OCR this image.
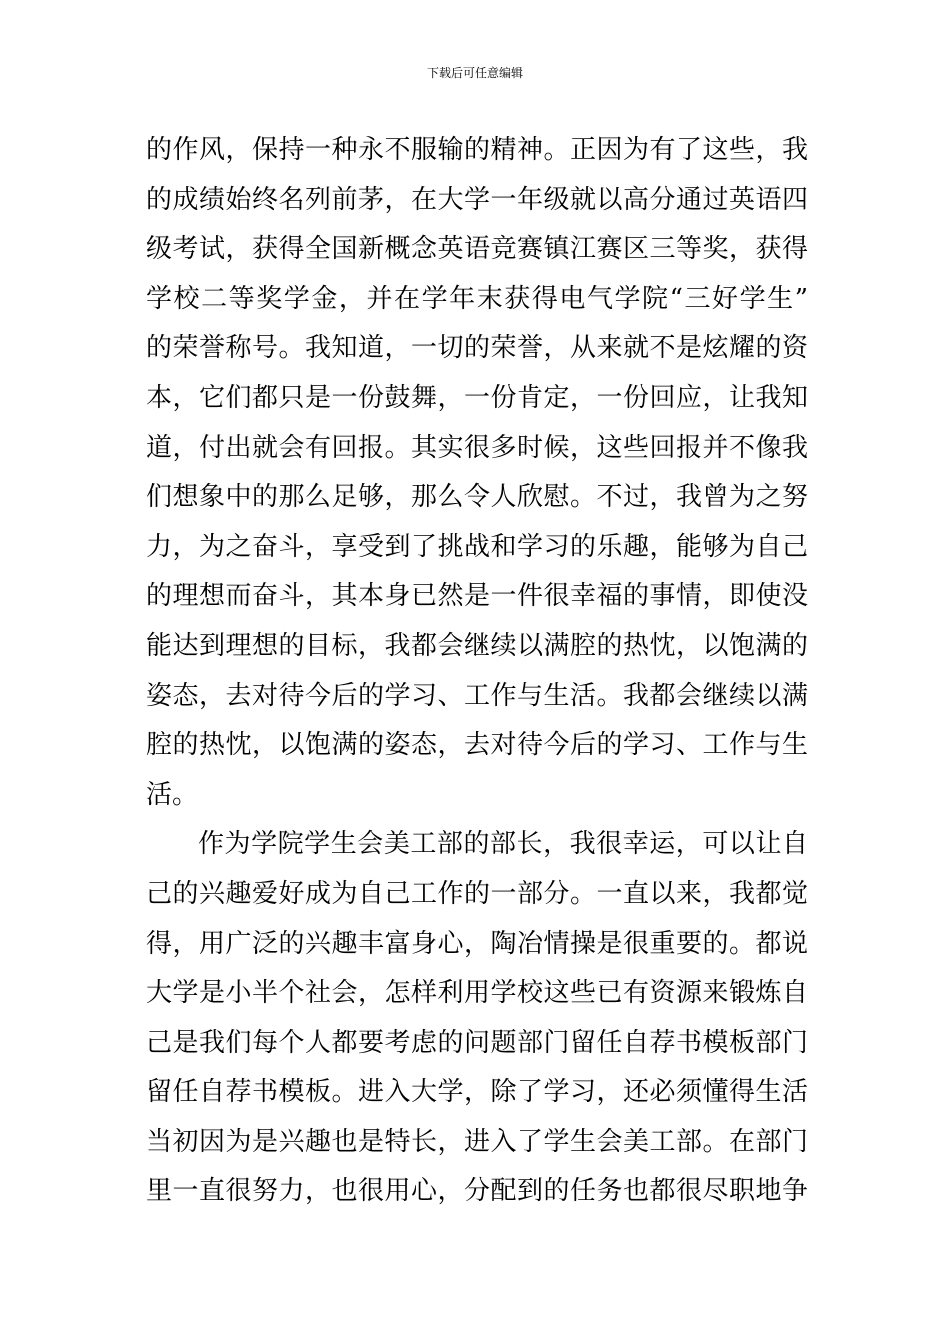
下载后可任意编辑
的作风，保持一种永不服输的精神。正因为有了这些，我
的成绩始终名列前茅，在大学一年级就以高分通过英语四
级考试，获得全国新概念英语竞赛镇江赛区三等奖，获得
学校二等奖学金，并在学年末获得电气学院“三好学生”
的荣誉称号。我知道，一切的荣誉，从来就不是炫耀的资
本，它们都只是一份鼓舞，一份肯定，一份回应，让我知
道，付出就会有回报。其实很多时候，这些回报并不像我
们想象中的那么足够，那么令人欣慰。不过，我曾为之努
力，为之奋斗，享受到了挑战和学习的乐趣，能够为自己
的理想而奋斗，其本身已然是一件很幸福的事情，即使没
能达到理想的目标，我都会继续以满腔的热忱，以饱满的
姿态，去对待今后的学习、工作与生活。我都会继续以满
腔的热忱，以饱满的姿态，去对待今后的学习、工作与生
活。
作为学院学生会美工部的部长，我很幸运，可以让自
己的兴趣爱好成为自己工作的一部分。一直以来，我都觉
得，用广泛的兴趣丰富身心，陶冶情操是很重要的。都说
大学是小半个社会，怎样利用学校这些已有资源来锻炼自
己是我们每个人都要考虑的问题部门留任自荐书模板部门
留任自荐书模板。进入大学，除了学习，还必须懂得生活
当初因为是兴趣也是特长，进入了学生会美工部。在部门
里一直很努力，也很用心，分配到的任务也都很尽职地争
